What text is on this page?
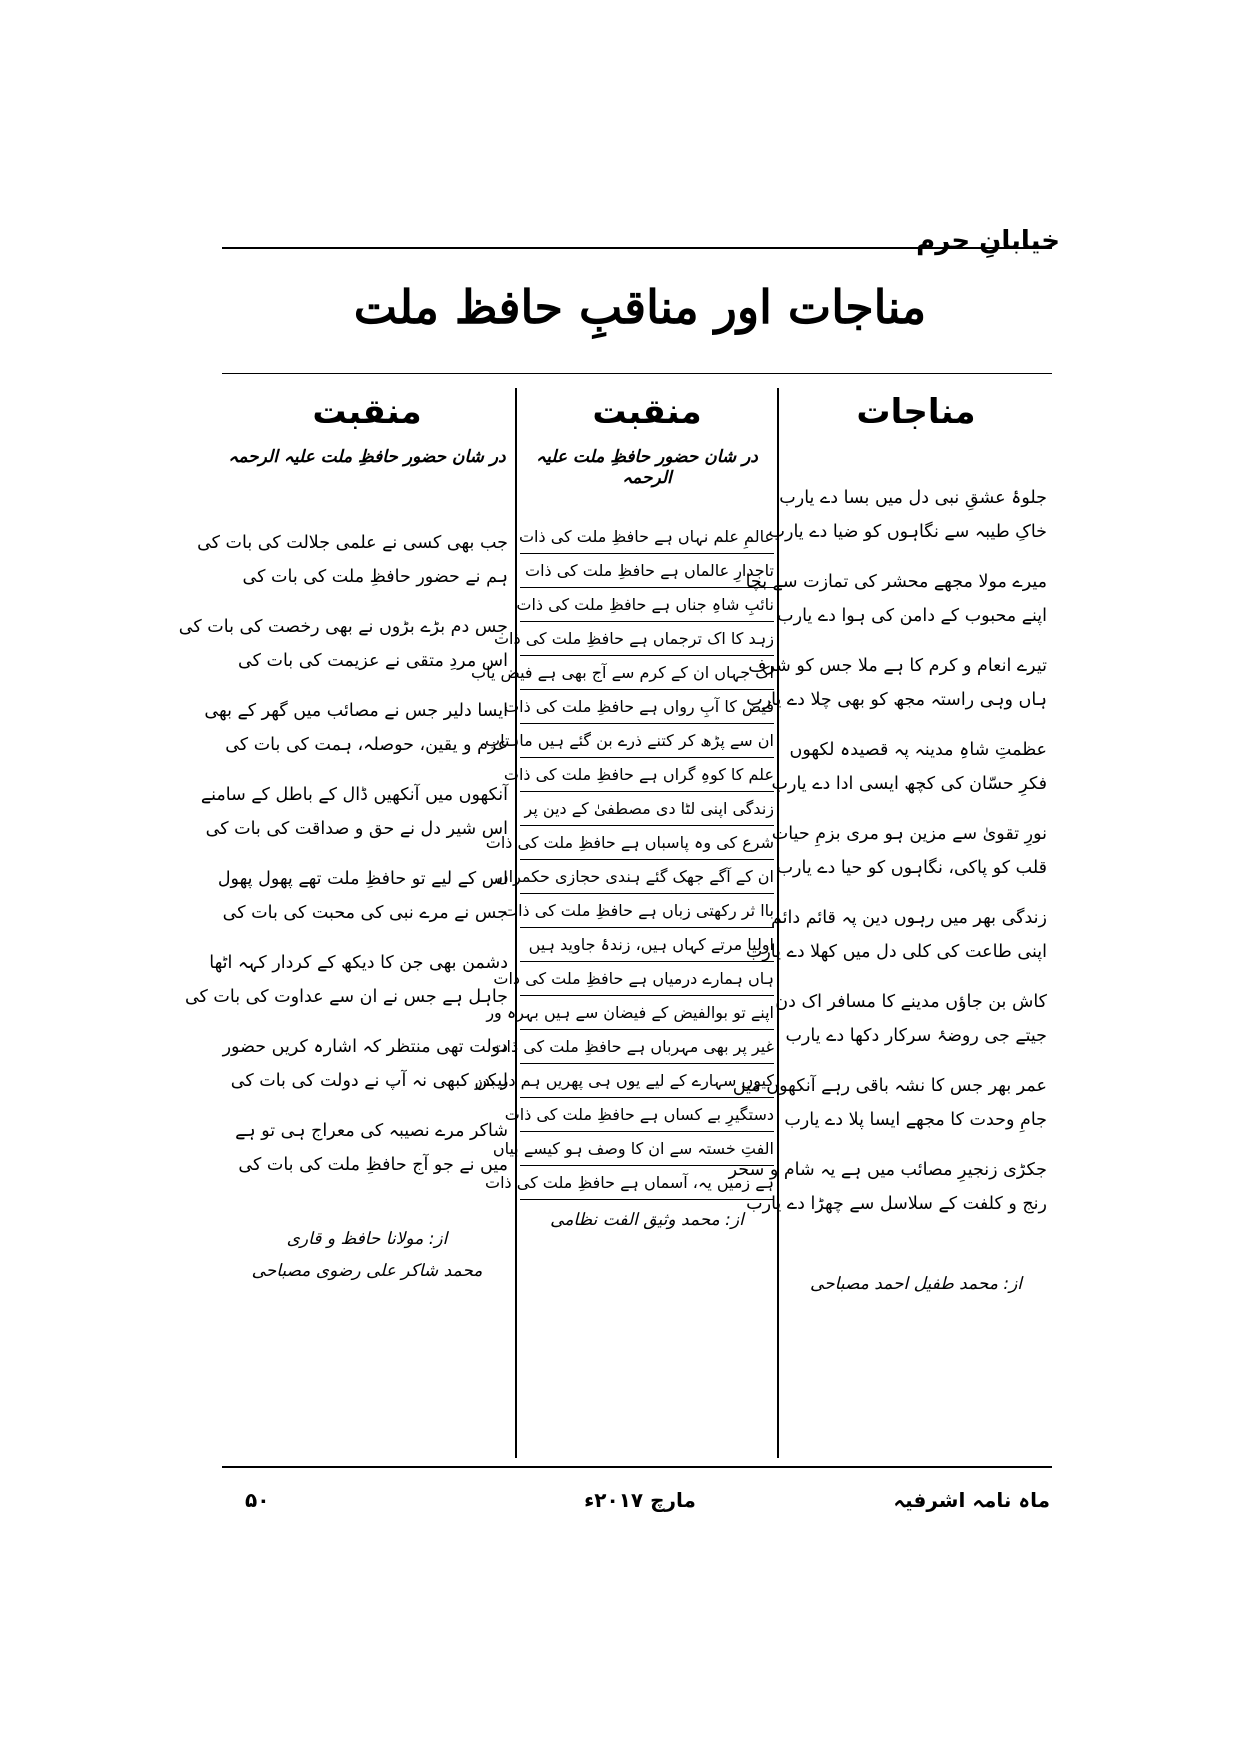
خیابانِ حرم
مناجات اور مناقبِ حافظ ملت
مناجات
جلوۂ عشقِ نبی دل میں بسا دے یارب
خاکِ طیبہ سے نگاہوں کو ضیا دے یارب
میرے مولا مجھے محشر کی تمازت سے بچا
اپنے محبوب کے دامن کی ہوا دے یارب
تیرے انعام و کرم کا ہے ملا جس کو شرف
ہاں وہی راستہ مجھ کو بھی چلا دے یارب
عظمتِ شاہِ مدینہ پہ قصیدہ لکھوں
فکرِ حسّان کی کچھ ایسی ادا دے یارب
نورِ تقویٰ سے مزین ہو مری بزمِ حیات
قلب کو پاکی، نگاہوں کو حیا دے یارب
زندگی بھر میں رہوں دین پہ قائم دائم
اپنی طاعت کی کلی دل میں کھلا دے یارب
کاش بن جاؤں مدینے کا مسافر اک دن
جیتے جی روضۂ سرکار دکھا دے یارب
عمر بھر جس کا نشہ باقی رہے آنکھوں میں
جامِ وحدت کا مجھے ایسا پلا دے یارب
جکڑی زنجیرِ مصائب میں ہے یہ شام و سحر
رنج و کلفت کے سلاسل سے چھڑا دے یارب
از: محمد طفیل احمد مصباحی
منقبت
در شان حضور حافظِ ملت علیہ الرحمہ
عالمِ علم نہاں ہے حافظِ ملت کی ذات
تاجدارِ عالماں ہے حافظِ ملت کی ذات
نائبِ شاہِ جناں ہے حافظِ ملت کی ذات
زہد کا اک ترجماں ہے حافظِ ملت کی ذات
اک جہاں ان کے کرم سے آج بھی ہے فیض یاب
فیض کا آبِ رواں ہے حافظِ ملت کی ذات
ان سے پڑھ کر کتنے ذرے بن گئے ہیں ماہتاب
علم کا کوہِ گراں ہے حافظِ ملت کی ذات
زندگی اپنی لٹا دی مصطفیٰ کے دین پر
شرع کی وہ پاسباں ہے حافظِ ملت کی ذات
ان کے آگے جھک گئے ہندی حجازی حکمراں
باا ثر رکھتی زباں ہے حافظِ ملت کی ذات
اولیا مرتے کہاں ہیں، زندۂ جاوید ہیں
ہاں ہمارے درمیاں ہے حافظِ ملت کی ذات
اپنے تو بوالفیض کے فیضان سے ہیں بہرہ ور
غیر پر بھی مہرباں ہے حافظِ ملت کی ذات
کیوں سہارے کے لیے یوں ہی پھریں ہم در بدر
دستگیرِ بے کساں ہے حافظِ ملت کی ذات
الفتِ خستہ سے ان کا وصف ہو کیسے بیاں
ہے زمیں یہ، آسماں ہے حافظِ ملت کی ذات
از: محمد وثیق الفت نظامی
منقبت
در شان حضور حافظِ ملت علیہ الرحمہ
جب بھی کسی نے علمی جلالت کی بات کی
ہم نے حضور حافظِ ملت کی بات کی
جس دم بڑے بڑوں نے بھی رخصت کی بات کی
اس مردِ متقی نے عزیمت کی بات کی
ایسا دلیر جس نے مصائب میں گھر کے بھی
عزم و یقین، حوصلہ، ہمت کی بات کی
آنکھوں میں آنکھیں ڈال کے باطل کے سامنے
اس شیر دل نے حق و صداقت کی بات کی
اس کے لیے تو حافظِ ملت تھے پھول پھول
جس نے مرے نبی کی محبت کی بات کی
دشمن بھی جن کا دیکھ کے کردار کہہ اٹھا
جاہل ہے جس نے ان سے عداوت کی بات کی
دولت تھی منتظر کہ اشارہ کریں حضور
لیکن کبھی نہ آپ نے دولت کی بات کی
شاکر مرے نصیبہ کی معراج ہی تو ہے
میں نے جو آج حافظِ ملت کی بات کی
از: مولانا حافظ و قاری
محمد شاکر علی رضوی مصباحی
ماہ نامہ اشرفیہ
مارچ ۲۰۱۷ء
۵۰
